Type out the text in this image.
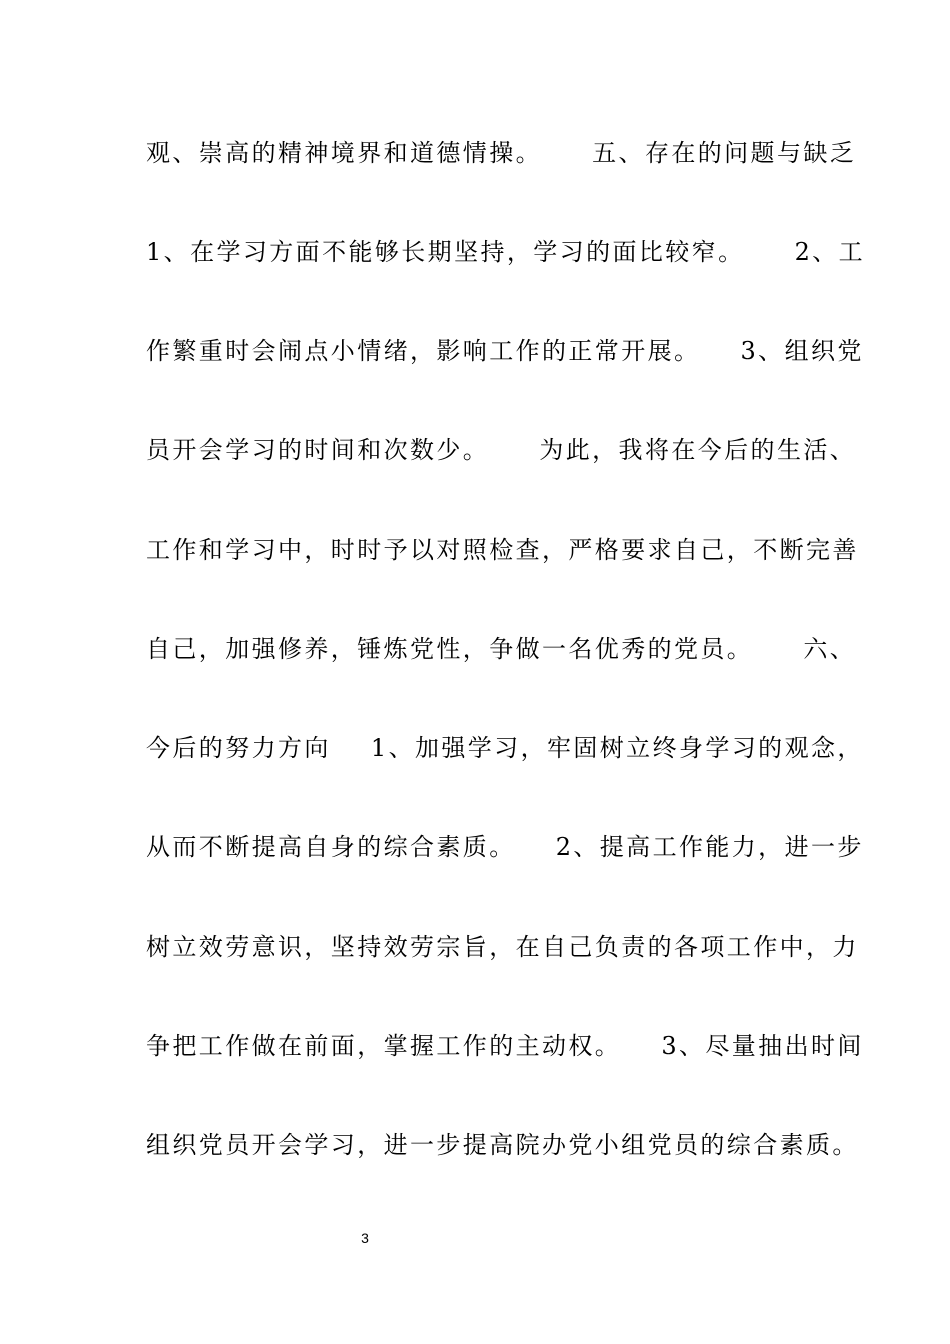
观、崇高的精神境界和道德情操。     五、存在的问题与缺乏
1、在学习方面不能够长期坚持，学习的面比较窄。     2、工
作繁重时会闹点小情绪，影响工作的正常开展。    3、组织党
员开会学习的时间和次数少。     为此，我将在今后的生活、
工作和学习中，时时予以对照检查，严格要求自己，不断完善
自己，加强修养，锤炼党性，争做一名优秀的党员。     六、
今后的努力方向    1、加强学习，牢固树立终身学习的观念，
从而不断提高自身的综合素质。    2、提高工作能力，进一步
树立效劳意识，坚持效劳宗旨，在自己负责的各项工作中，力
争把工作做在前面，掌握工作的主动权。    3、尽量抽出时间
组织党员开会学习，进一步提高院办党小组党员的综合素质。
3
